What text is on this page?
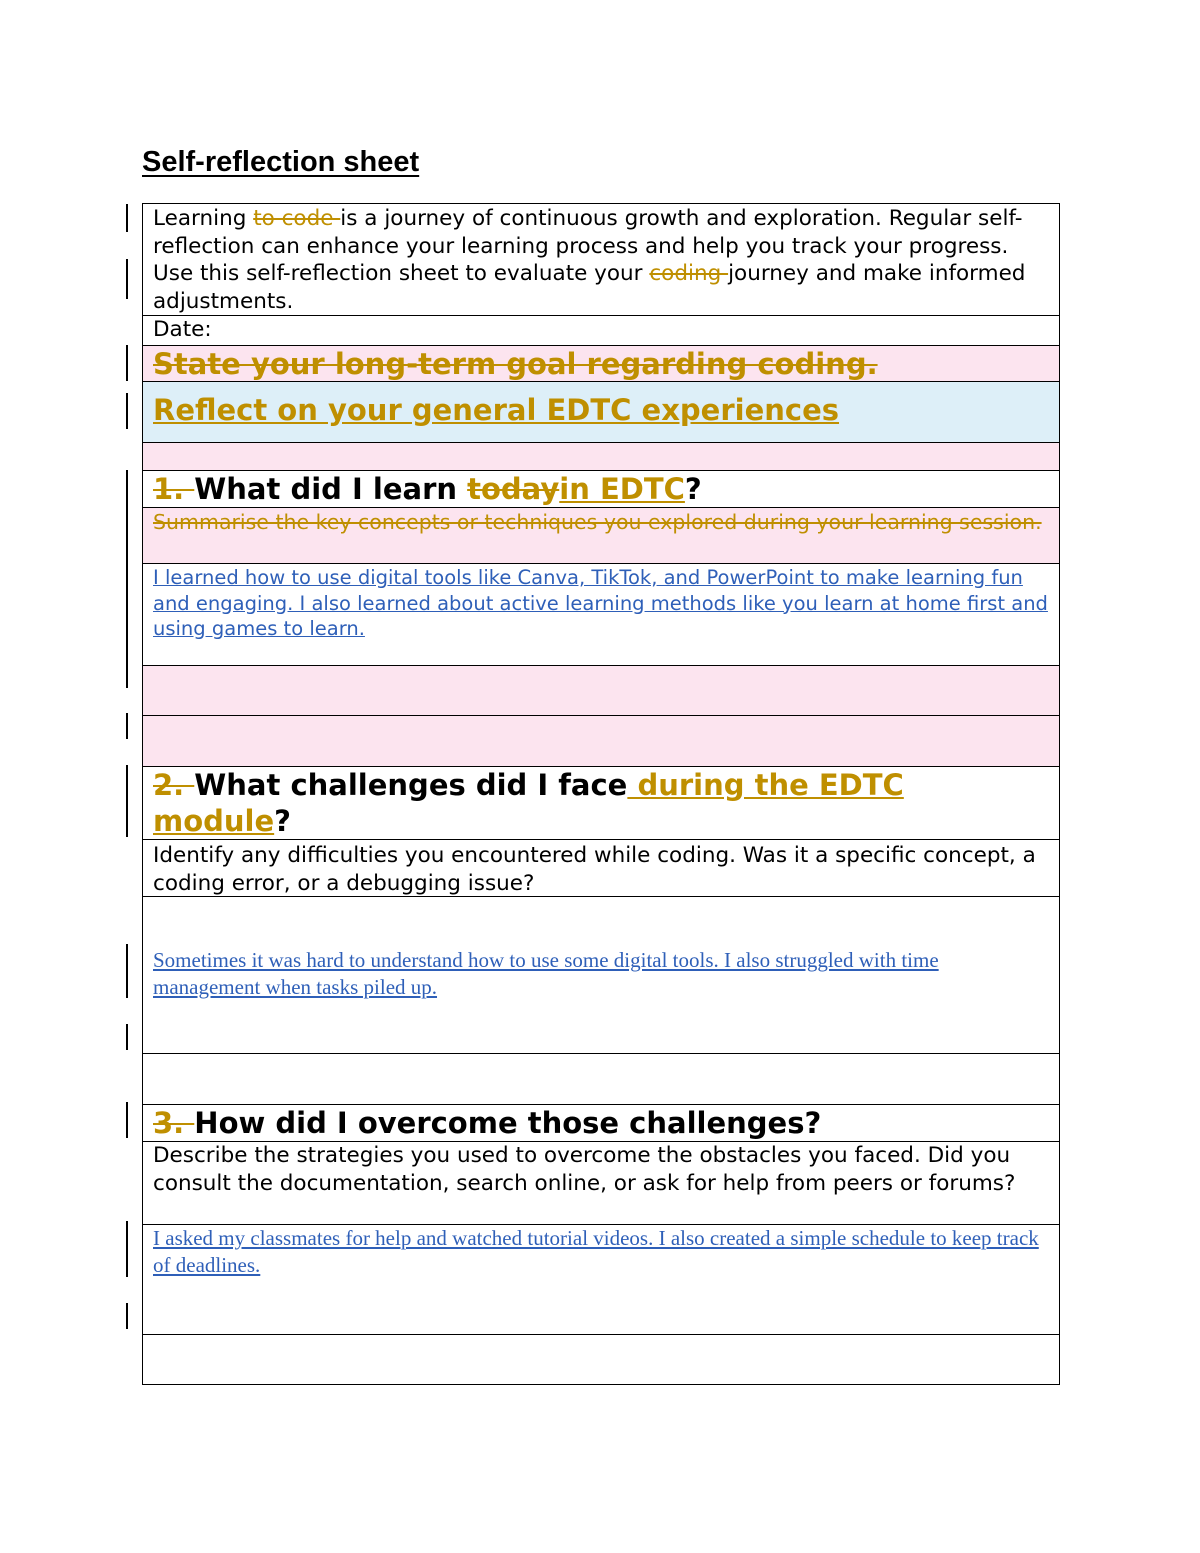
Self-reflection sheet
Learning to code is a journey of continuous growth and exploration. Regular self-reflection can enhance your learning process and help you track your progress. Use this self-reflection sheet to evaluate your coding journey and make informed adjustments.
Date:
State your long-term goal regarding coding.
Reflect on your general EDTC experiences
1. What did I learn todayin EDTC?
Summarise the key concepts or techniques you explored during your learning session.
I learned how to use digital tools like Canva, TikTok, and PowerPoint to make learning fun and engaging. I also learned about active learning methods like you learn at home first and using games to learn.
2. What challenges did I face during the EDTC module?
Identify any difficulties you encountered while coding. Was it a specific concept, a coding error, or a debugging issue?
Sometimes it was hard to understand how to use some digital tools. I also struggled with time management when tasks piled up.
3. How did I overcome those challenges?
Describe the strategies you used to overcome the obstacles you faced. Did you consult the documentation, search online, or ask for help from peers or forums?
I asked my classmates for help and watched tutorial videos. I also created a simple schedule to keep track of deadlines.
